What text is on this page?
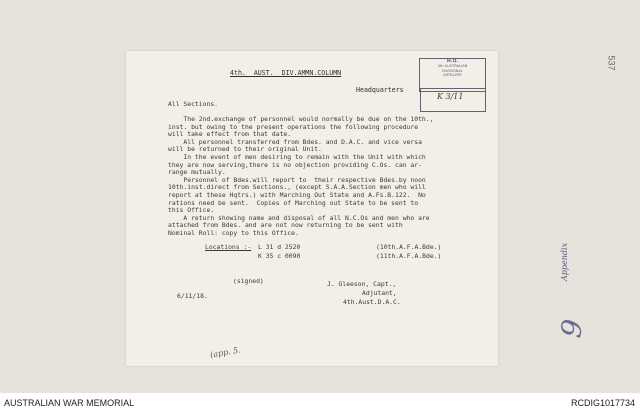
4th.  AUST.  DIV.AMMN.COLUMN
Headquarters
H.Q.
4th AUSTRALIAN
DIVISIONAL
ARTILLERY
K 3/11
All Sections.
The 2nd.exchange of personnel would normally be due on the 10th.,
inst. but owing to the present operations the following procedure
will take effect from that date.
All personnel transferred from Bdes. and D.A.C. and vice versa
will be returned to their original Unit.
In the event of men desiring to remain with the Unit with which
they are now serving,there is no objection providing C.Os. can ar-
range mutually.
Personnel of Bdes.will report to  their respective Bdes.by noon
10th.inst.direct from Sections., (except S.A.A.Section men who will
report at these Hqtrs.) with Marching Out State and A.Fs.B.122.  No
rations need be sent.  Copies of Marching out State to be sent to
this Office.
A return showing name and disposal of all N.C.Os and men who are
attached from Bdes. and are not now returning to be sent with
Nominal Roll: copy to this Office.
Locations :- L 31 d 2520	(10th.A.F.A.Bde.)
K 35 c 0090	(11th.A.F.A.Bde.)
(signed)	J. Gleeson, Capt.,
Adjutant,
6/11/18.
4th.Aust.D.A.C.
(app. 5.
Appendix
9
537
AUSTRALIAN WAR MEMORIAL	RCDIG1017734
